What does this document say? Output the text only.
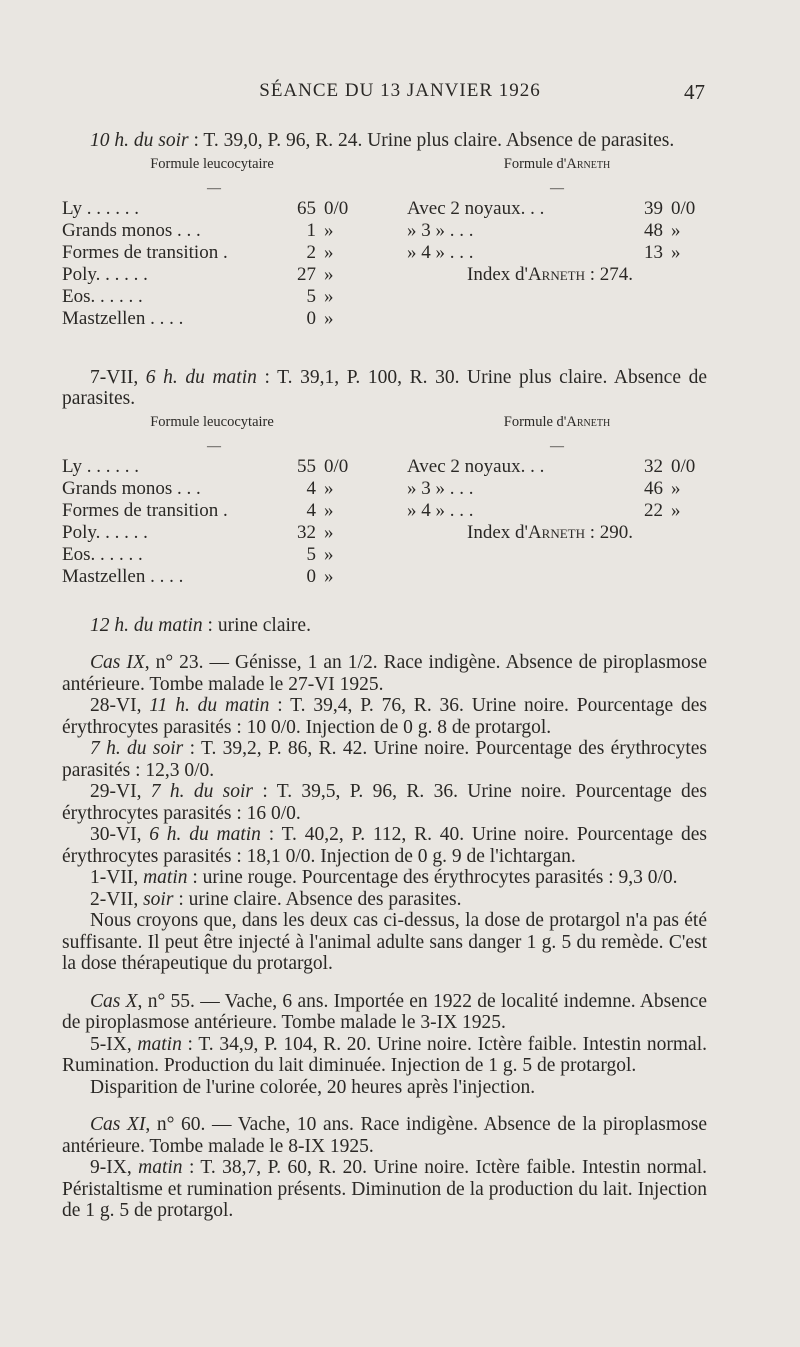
SÉANCE DU 13 JANVIER 1926	47

10 h. du soir : T. 39,0, P. 96, R. 24. Urine plus claire. Absence de parasites.

Formule leucocytaire	Formule d'Arneth
—	—
Ly . . . . . .	65	0/0
Grands monos . . .	1	»
Formes de transition .	2	»
Poly. . . . . .	27	»
Eos. . . . . .	5	»
Mastzellen . . . .	0	»
Avec 2 noyaux. . .	39	0/0
» 3 » . . .	48	»
» 4 » . . .	13	»
Index d'Arneth : 274.		

7-VII, 6 h. du matin : T. 39,1, P. 100, R. 30. Urine plus claire. Absence de parasites.

Formule leucocytaire	Formule d'Arneth
—	—
Ly . . . . . .	55	0/0
Grands monos . . .	4	»
Formes de transition .	4	»
Poly. . . . . .	32	»
Eos. . . . . .	5	»
Mastzellen . . . .	0	»
Avec 2 noyaux. . .	32	0/0
» 3 » . . .	46	»
» 4 » . . .	22	»
Index d'Arneth : 290.		

12 h. du matin : urine claire.

Cas IX, n° 23. — Génisse, 1 an 1/2. Race indigène. Absence de piroplasmose antérieure. Tombe malade le 27-VI 1925.

28-VI, 11 h. du matin : T. 39,4, P. 76, R. 36. Urine noire. Pourcentage des érythrocytes parasités : 10 0/0. Injection de 0 g. 8 de protargol.

7 h. du soir : T. 39,2, P. 86, R. 42. Urine noire. Pourcentage des érythrocytes parasités : 12,3 0/0.

29-VI, 7 h. du soir : T. 39,5, P. 96, R. 36. Urine noire. Pourcentage des érythrocytes parasités : 16 0/0.

30-VI, 6 h. du matin : T. 40,2, P. 112, R. 40. Urine noire. Pourcentage des érythrocytes parasités : 18,1 0/0. Injection de 0 g. 9 de l'ichtargan.

1-VII, matin : urine rouge. Pourcentage des érythrocytes parasités : 9,3 0/0.

2-VII, soir : urine claire. Absence des parasites.

Nous croyons que, dans les deux cas ci-dessus, la dose de protargol n'a pas été suffisante. Il peut être injecté à l'animal adulte sans danger 1 g. 5 du remède. C'est la dose thérapeutique du protargol.

Cas X, n° 55. — Vache, 6 ans. Importée en 1922 de localité indemne. Absence de piroplasmose antérieure. Tombe malade le 3-IX 1925.

5-IX, matin : T. 34,9, P. 104, R. 20. Urine noire. Ictère faible. Intestin normal. Rumination. Production du lait diminuée. Injection de 1 g. 5 de protargol.

Disparition de l'urine colorée, 20 heures après l'injection.

Cas XI, n° 60. — Vache, 10 ans. Race indigène. Absence de la piroplasmose antérieure. Tombe malade le 8-IX 1925.

9-IX, matin : T. 38,7, P. 60, R. 20. Urine noire. Ictère faible. Intestin normal. Péristaltisme et rumination présents. Diminution de la production du lait. Injection de 1 g. 5 de protargol.
